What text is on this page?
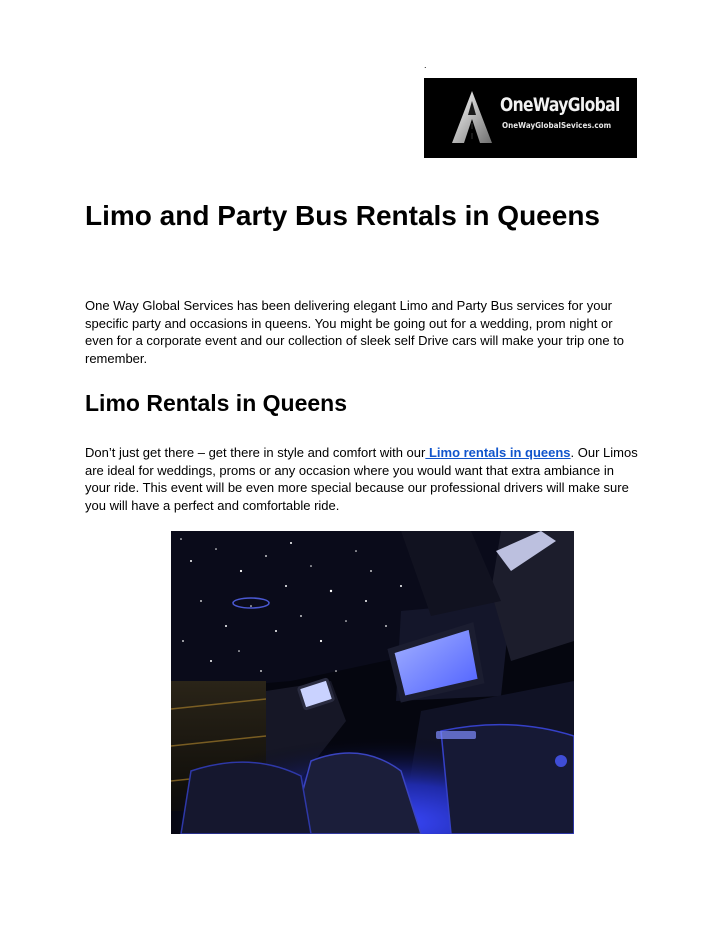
.
OneWayGlobal
OneWayGlobalSevices.com
Limo and Party Bus Rentals in Queens

One Way Global Services has been delivering elegant Limo and Party Bus services for your specific party and occasions in queens. You might be going out for a wedding, prom night or even for a corporate event and our collection of sleek self Drive cars will make your trip one to remember.

Limo Rentals in Queens

Don’t just get there – get there in style and comfort with our Limo rentals in queens. Our Limos are ideal for weddings, proms or any occasion where you would want that extra ambiance in your ride. This event will be even more special because our professional drivers will make sure you will have a perfect and comfortable ride.
